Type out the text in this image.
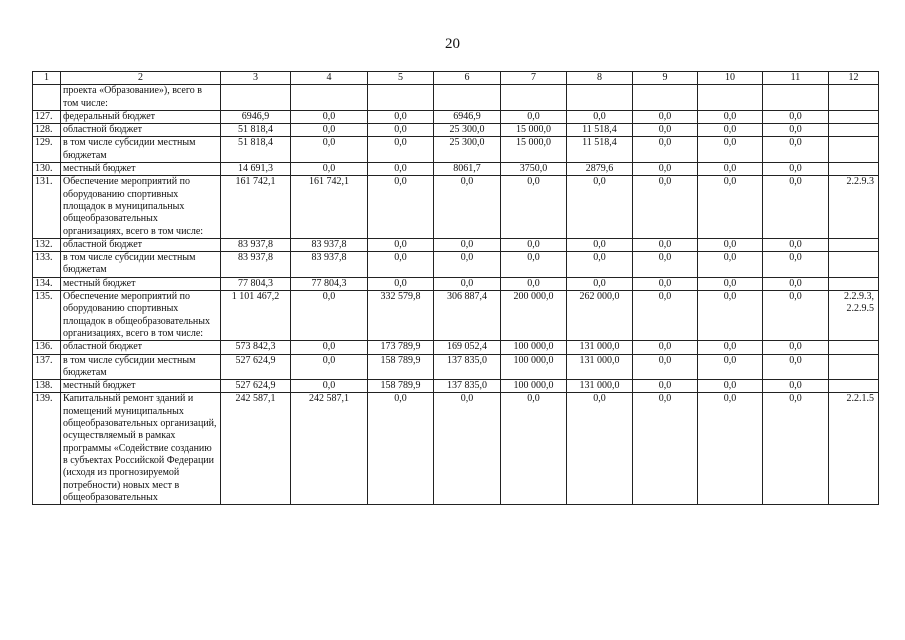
20
1	2	3	4	5	6	7	8	9	10	11	12
	проекта «Образование»), всего в том числе:										
127.	федеральный бюджет	6946,9	0,0	0,0	6946,9	0,0	0,0	0,0	0,0	0,0	
128.	областной бюджет	51 818,4	0,0	0,0	25 300,0	15 000,0	11 518,4	0,0	0,0	0,0	
129.	в том числе субсидии местным бюджетам	51 818,4	0,0	0,0	25 300,0	15 000,0	11 518,4	0,0	0,0	0,0	
130.	местный бюджет	14 691,3	0,0	0,0	8061,7	3750,0	2879,6	0,0	0,0	0,0	
131.	Обеспечение мероприятий по оборудованию спортивных площадок в муниципальных общеобразовательных организациях, всего в том числе:	161 742,1	161 742,1	0,0	0,0	0,0	0,0	0,0	0,0	0,0	2.2.9.3
132.	областной бюджет	83 937,8	83 937,8	0,0	0,0	0,0	0,0	0,0	0,0	0,0	
133.	в том числе субсидии местным бюджетам	83 937,8	83 937,8	0,0	0,0	0,0	0,0	0,0	0,0	0,0	
134.	местный бюджет	77 804,3	77 804,3	0,0	0,0	0,0	0,0	0,0	0,0	0,0	
135.	Обеспечение мероприятий по оборудованию спортивных площадок в общеобразовательных организациях, всего в том числе:	1 101 467,2	0,0	332 579,8	306 887,4	200 000,0	262 000,0	0,0	0,0	0,0	2.2.9.3, 2.2.9.5
136.	областной бюджет	573 842,3	0,0	173 789,9	169 052,4	100 000,0	131 000,0	0,0	0,0	0,0	
137.	в том числе субсидии местным бюджетам	527 624,9	0,0	158 789,9	137 835,0	100 000,0	131 000,0	0,0	0,0	0,0	
138.	местный бюджет	527 624,9	0,0	158 789,9	137 835,0	100 000,0	131 000,0	0,0	0,0	0,0	
139.	Капитальный ремонт зданий и помещений муниципальных общеобразовательных организаций, осуществляемый в рамках программы «Содействие созданию в субъектах Российской Федерации (исходя из прогнозируемой потребности) новых мест в общеобразовательных	242 587,1	242 587,1	0,0	0,0	0,0	0,0	0,0	0,0	0,0	2.2.1.5
